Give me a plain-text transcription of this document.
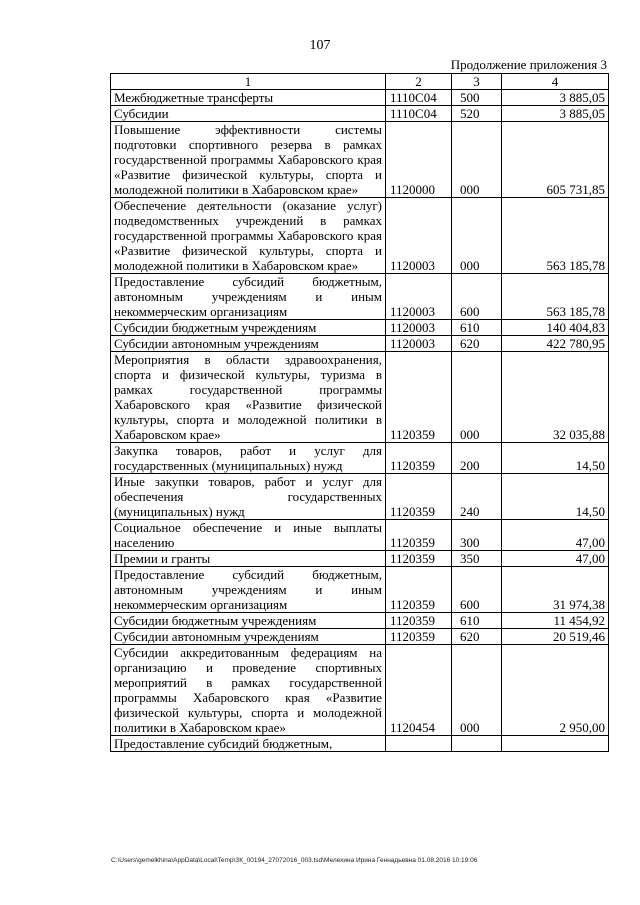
107
Продолжение приложения 3
1	2	3	4
Межбюджетные трансферты	1110С04	500	3 885,05
Субсидии	1110С04	520	3 885,05
Повышение эффективности системы подготовки спортивного резерва в рамках государственной программы Хабаровского края «Развитие физической культуры, спорта и молодежной политики в Хабаровском крае»	1120000	000	605 731,85
Обеспечение деятельности (оказание услуг) подведомственных учреждений в рамках государственной программы Хабаровского края «Развитие физической культуры, спорта и молодежной политики в Хабаровском крае»	1120003	000	563 185,78
Предоставление субсидий бюджетным, автономным учреждениям и иным некоммерческим организациям	1120003	600	563 185,78
Субсидии бюджетным учреждениям	1120003	610	140 404,83
Субсидии автономным учреждениям	1120003	620	422 780,95
Мероприятия в области здравоохранения, спорта и физической культуры, туризма в рамках государственной программы Хабаровского края «Развитие физической культуры, спорта и молодежной политики в Хабаровском крае»	1120359	000	32 035,88
Закупка товаров, работ и услуг для государственных (муниципальных) нужд	1120359	200	14,50
Иные закупки товаров, работ и услуг для обеспечения государственных (муниципальных) нужд	1120359	240	14,50
Социальное обеспечение и иные выплаты населению	1120359	300	47,00
Премии и гранты	1120359	350	47,00
Предоставление субсидий бюджетным, автономным учреждениям и иным некоммерческим организациям	1120359	600	31 974,38
Субсидии бюджетным учреждениям	1120359	610	11 454,92
Субсидии автономным учреждениям	1120359	620	20 519,46
Субсидии аккредитованным федерациям на организацию и проведение спортивных мероприятий в рамках государственной программы Хабаровского края «Развитие физической культуры, спорта и молодежной политики в Хабаровском крае»	1120454	000	2 950,00
Предоставление субсидий бюджетным,			
C:\Users\gemelkhina\AppData\Local\Temp\ЗК_00194_27072016_003.tsd\Мелехина Ирина Геннадьевна 01.08.2016 10:19:06
